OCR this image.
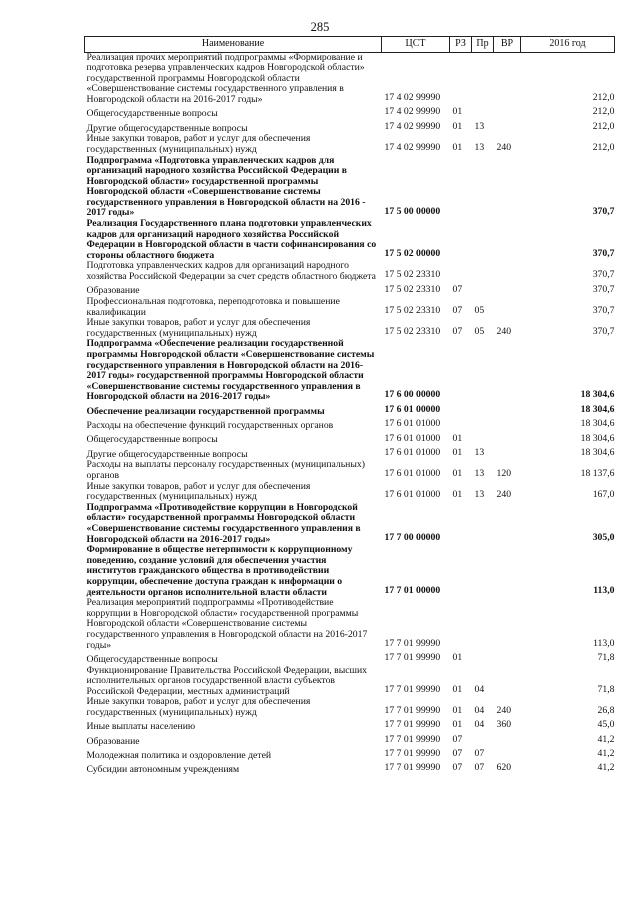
285
Наименование	ЦСТ	РЗ	Пр	ВР	2016 год
Реализация прочих мероприятий подпрограммы «Формирование и подготовка резерва управленческих кадров Новгородской области» государственной программы Новгородской области «Совершенствование системы государственного управления в Новгородской области на 2016-2017 годы»	17 4 02 99990				212,0
Общегосударственные вопросы	17 4 02 99990	01			212,0
Другие общегосударственные вопросы	17 4 02 99990	01	13		212,0
Иные закупки товаров, работ и услуг для обеспечения государственных (муниципальных) нужд	17 4 02 99990	01	13	240	212,0
Подпрограмма «Подготовка управленческих кадров для организаций народного хозяйства Российской Федерации в Новгородской области» государственной программы Новгородской области «Совершенствование системы государственного управления в Новгородской области на 2016 - 2017 годы»	17 5 00 00000				370,7
Реализация Государственного плана подготовки управленческих кадров для организаций народного хозяйства Российской Федерации в Новгородской области в части софинансирования со стороны областного бюджета	17 5 02 00000				370,7
Подготовка управленческих кадров для организаций народного хозяйства Российской Федерации за счет средств областного бюджета	17 5 02 23310				370,7
Образование	17 5 02 23310	07			370,7
Профессиональная подготовка, переподготовка и повышение квалификации	17 5 02 23310	07	05		370,7
Иные закупки товаров, работ и услуг для обеспечения государственных (муниципальных) нужд	17 5 02 23310	07	05	240	370,7
Подпрограмма «Обеспечение реализации государственной программы Новгородской области «Совершенствование системы государственного управления в Новгородской области на 2016-2017 годы» государственной программы Новгородской области «Совершенствование системы государственного управления в Новгородской области на 2016-2017 годы»	17 6 00 00000				18 304,6
Обеспечение реализации государственной программы	17 6 01 00000				18 304,6
Расходы на обеспечение функций государственных органов	17 6 01 01000				18 304,6
Общегосударственные вопросы	17 6 01 01000	01			18 304,6
Другие общегосударственные вопросы	17 6 01 01000	01	13		18 304,6
Расходы на выплаты персоналу государственных (муниципальных) органов	17 6 01 01000	01	13	120	18 137,6
Иные закупки товаров, работ и услуг для обеспечения государственных (муниципальных) нужд	17 6 01 01000	01	13	240	167,0
Подпрограмма «Противодействие коррупции в Новгородской области» государственной программы Новгородской области «Совершенствование системы государственного управления в Новгородской области на 2016-2017 годы»	17 7 00 00000				305,0
Формирование в обществе нетерпимости к коррупционному поведению, создание условий для обеспечения участия институтов гражданского общества в противодействии коррупции, обеспечение доступа граждан к информации о деятельности органов исполнительной власти области	17 7 01 00000				113,0
Реализация мероприятий подпрограммы «Противодействие коррупции в Новгородской области» государственной программы Новгородской области «Совершенствование системы государственного управления в Новгородской области на 2016-2017 годы»	17 7 01 99990				113,0
Общегосударственные вопросы	17 7 01 99990	01			71,8
Функционирование Правительства Российской Федерации, высших исполнительных органов государственной власти субъектов Российской Федерации, местных администраций	17 7 01 99990	01	04		71,8
Иные закупки товаров, работ и услуг для обеспечения государственных (муниципальных) нужд	17 7 01 99990	01	04	240	26,8
Иные выплаты населению	17 7 01 99990	01	04	360	45,0
Образование	17 7 01 99990	07			41,2
Молодежная политика и оздоровление детей	17 7 01 99990	07	07		41,2
Субсидии автономным учреждениям	17 7 01 99990	07	07	620	41,2
